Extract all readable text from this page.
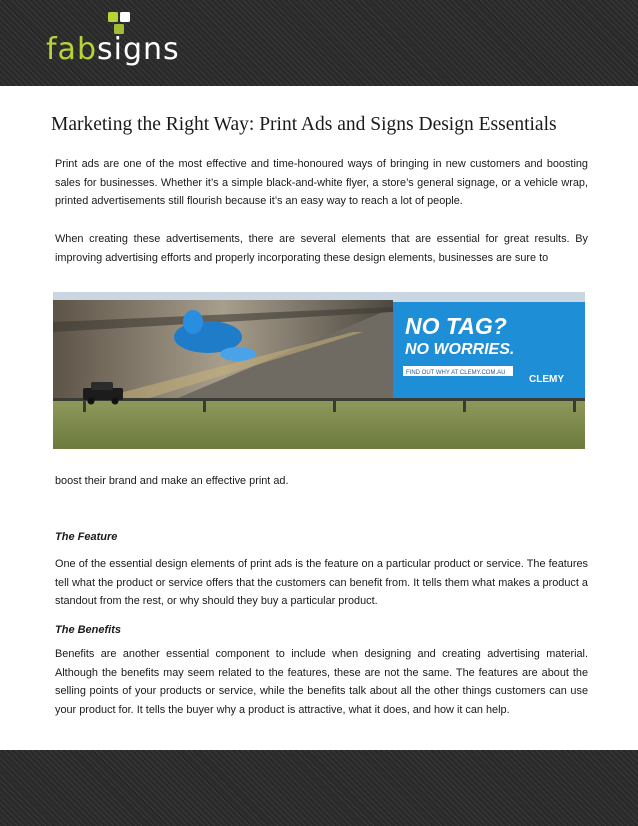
fabsigns
Marketing the Right Way: Print Ads and Signs Design Essentials

Print ads are one of the most effective and time-honoured ways of bringing in new customers and boosting sales for businesses. Whether it’s a simple black-and-white flyer, a store’s general signage, or a vehicle wrap, printed advertisements still flourish because it’s an easy way to reach a lot of people.

When creating these advertisements, there are several elements that are essential for great results. By improving advertising efforts and properly incorporating these design elements, businesses are sure to

NO TAG?
NO WORRIES.
FIND OUT WHY AT CLEMY.COM.AU
CLEMY

boost their brand and make an effective print ad.

The Feature

One of the essential design elements of print ads is the feature on a particular product or service. The features tell what the product or service offers that the customers can benefit from. It tells them what makes a product a standout from the rest, or why should they buy a particular product.

The Benefits

Benefits are another essential component to include when designing and creating advertising material. Although the benefits may seem related to the features, these are not the same. The features are about the selling points of your products or service, while the benefits talk about all the other things customers can use your product for. It tells the buyer why a product is attractive, what it does, and how it can help.
